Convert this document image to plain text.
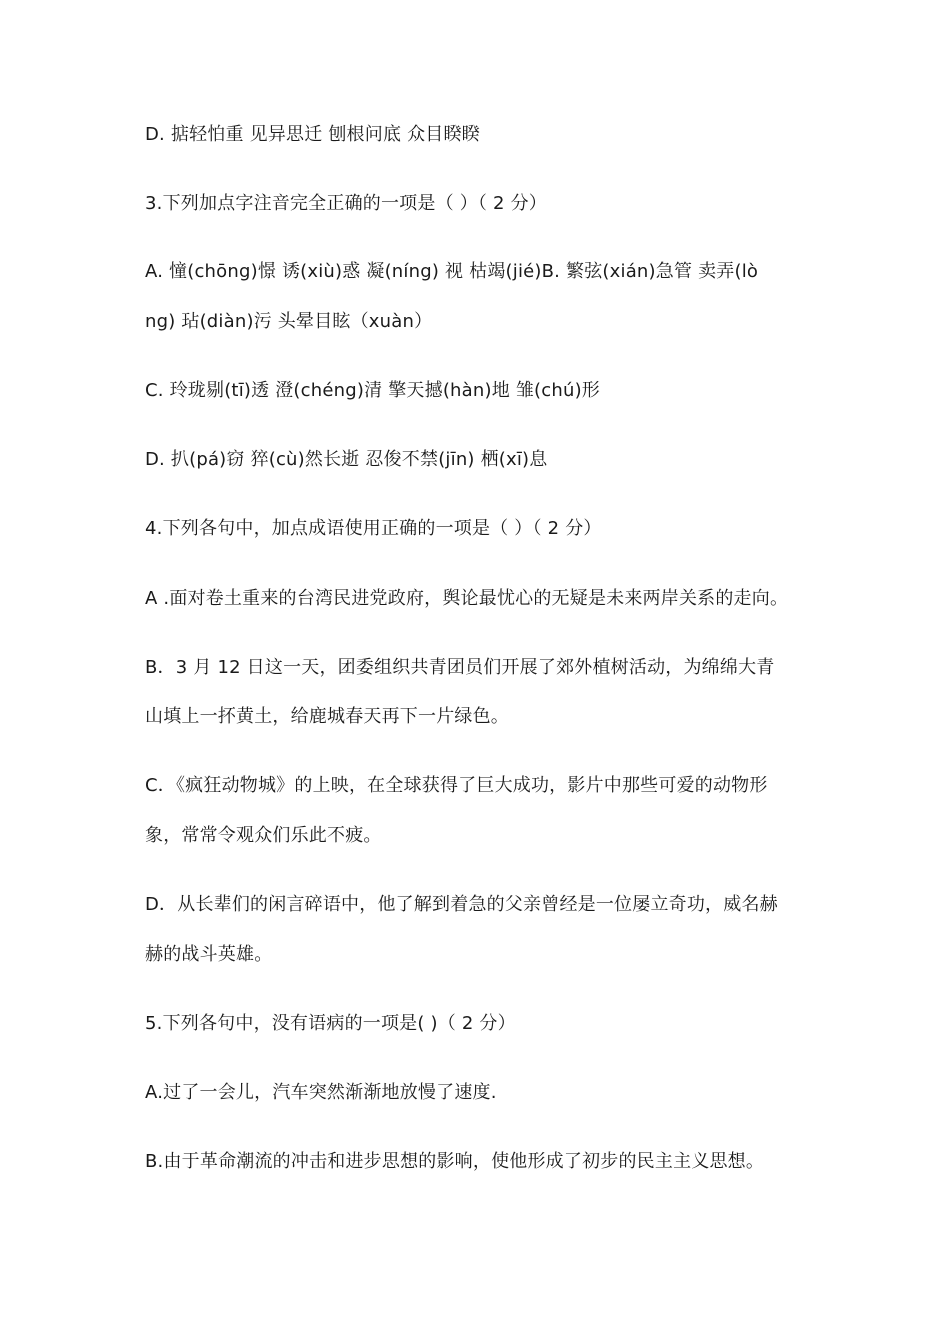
D. 掂轻怕重 见异思迁 刨根问底 众目睽睽
3.下列加点字注音完全正确的一项是（ ）（ 2 分）
A. 憧(chōng)憬 诱(xiù)惑 凝(níng) 视 枯竭(jié)B. 繁弦(xián)急管 卖弄(lò
ng) 玷(diàn)污 头晕目眩（xuàn）
C. 玲珑剔(tī)透 澄(chéng)清 擎天撼(hàn)地 雏(chú)形
D. 扒(pá)窃 猝(cù)然长逝 忍俊不禁(jīn) 栖(xī)息
4.下列各句中，加点成语使用正确的一项是（ ）（ 2 分）
A .面对卷土重来的台湾民进党政府，舆论最忧心的无疑是未来两岸关系的走向。
B．3 月 12 日这一天，团委组织共青团员们开展了郊外植树活动，为绵绵大青
山填上一抔黄土，给鹿城春天再下一片绿色。
C．《疯狂动物城》的上映，在全球获得了巨大成功，影片中那些可爱的动物形
象，常常令观众们乐此不疲。
D．从长辈们的闲言碎语中，他了解到着急的父亲曾经是一位屡立奇功，威名赫
赫的战斗英雄。
5.下列各句中，没有语病的一项是( )（ 2 分）
A.过了一会儿，汽车突然渐渐地放慢了速度.
B.由于革命潮流的冲击和进步思想的影响，使他形成了初步的民主主义思想。
